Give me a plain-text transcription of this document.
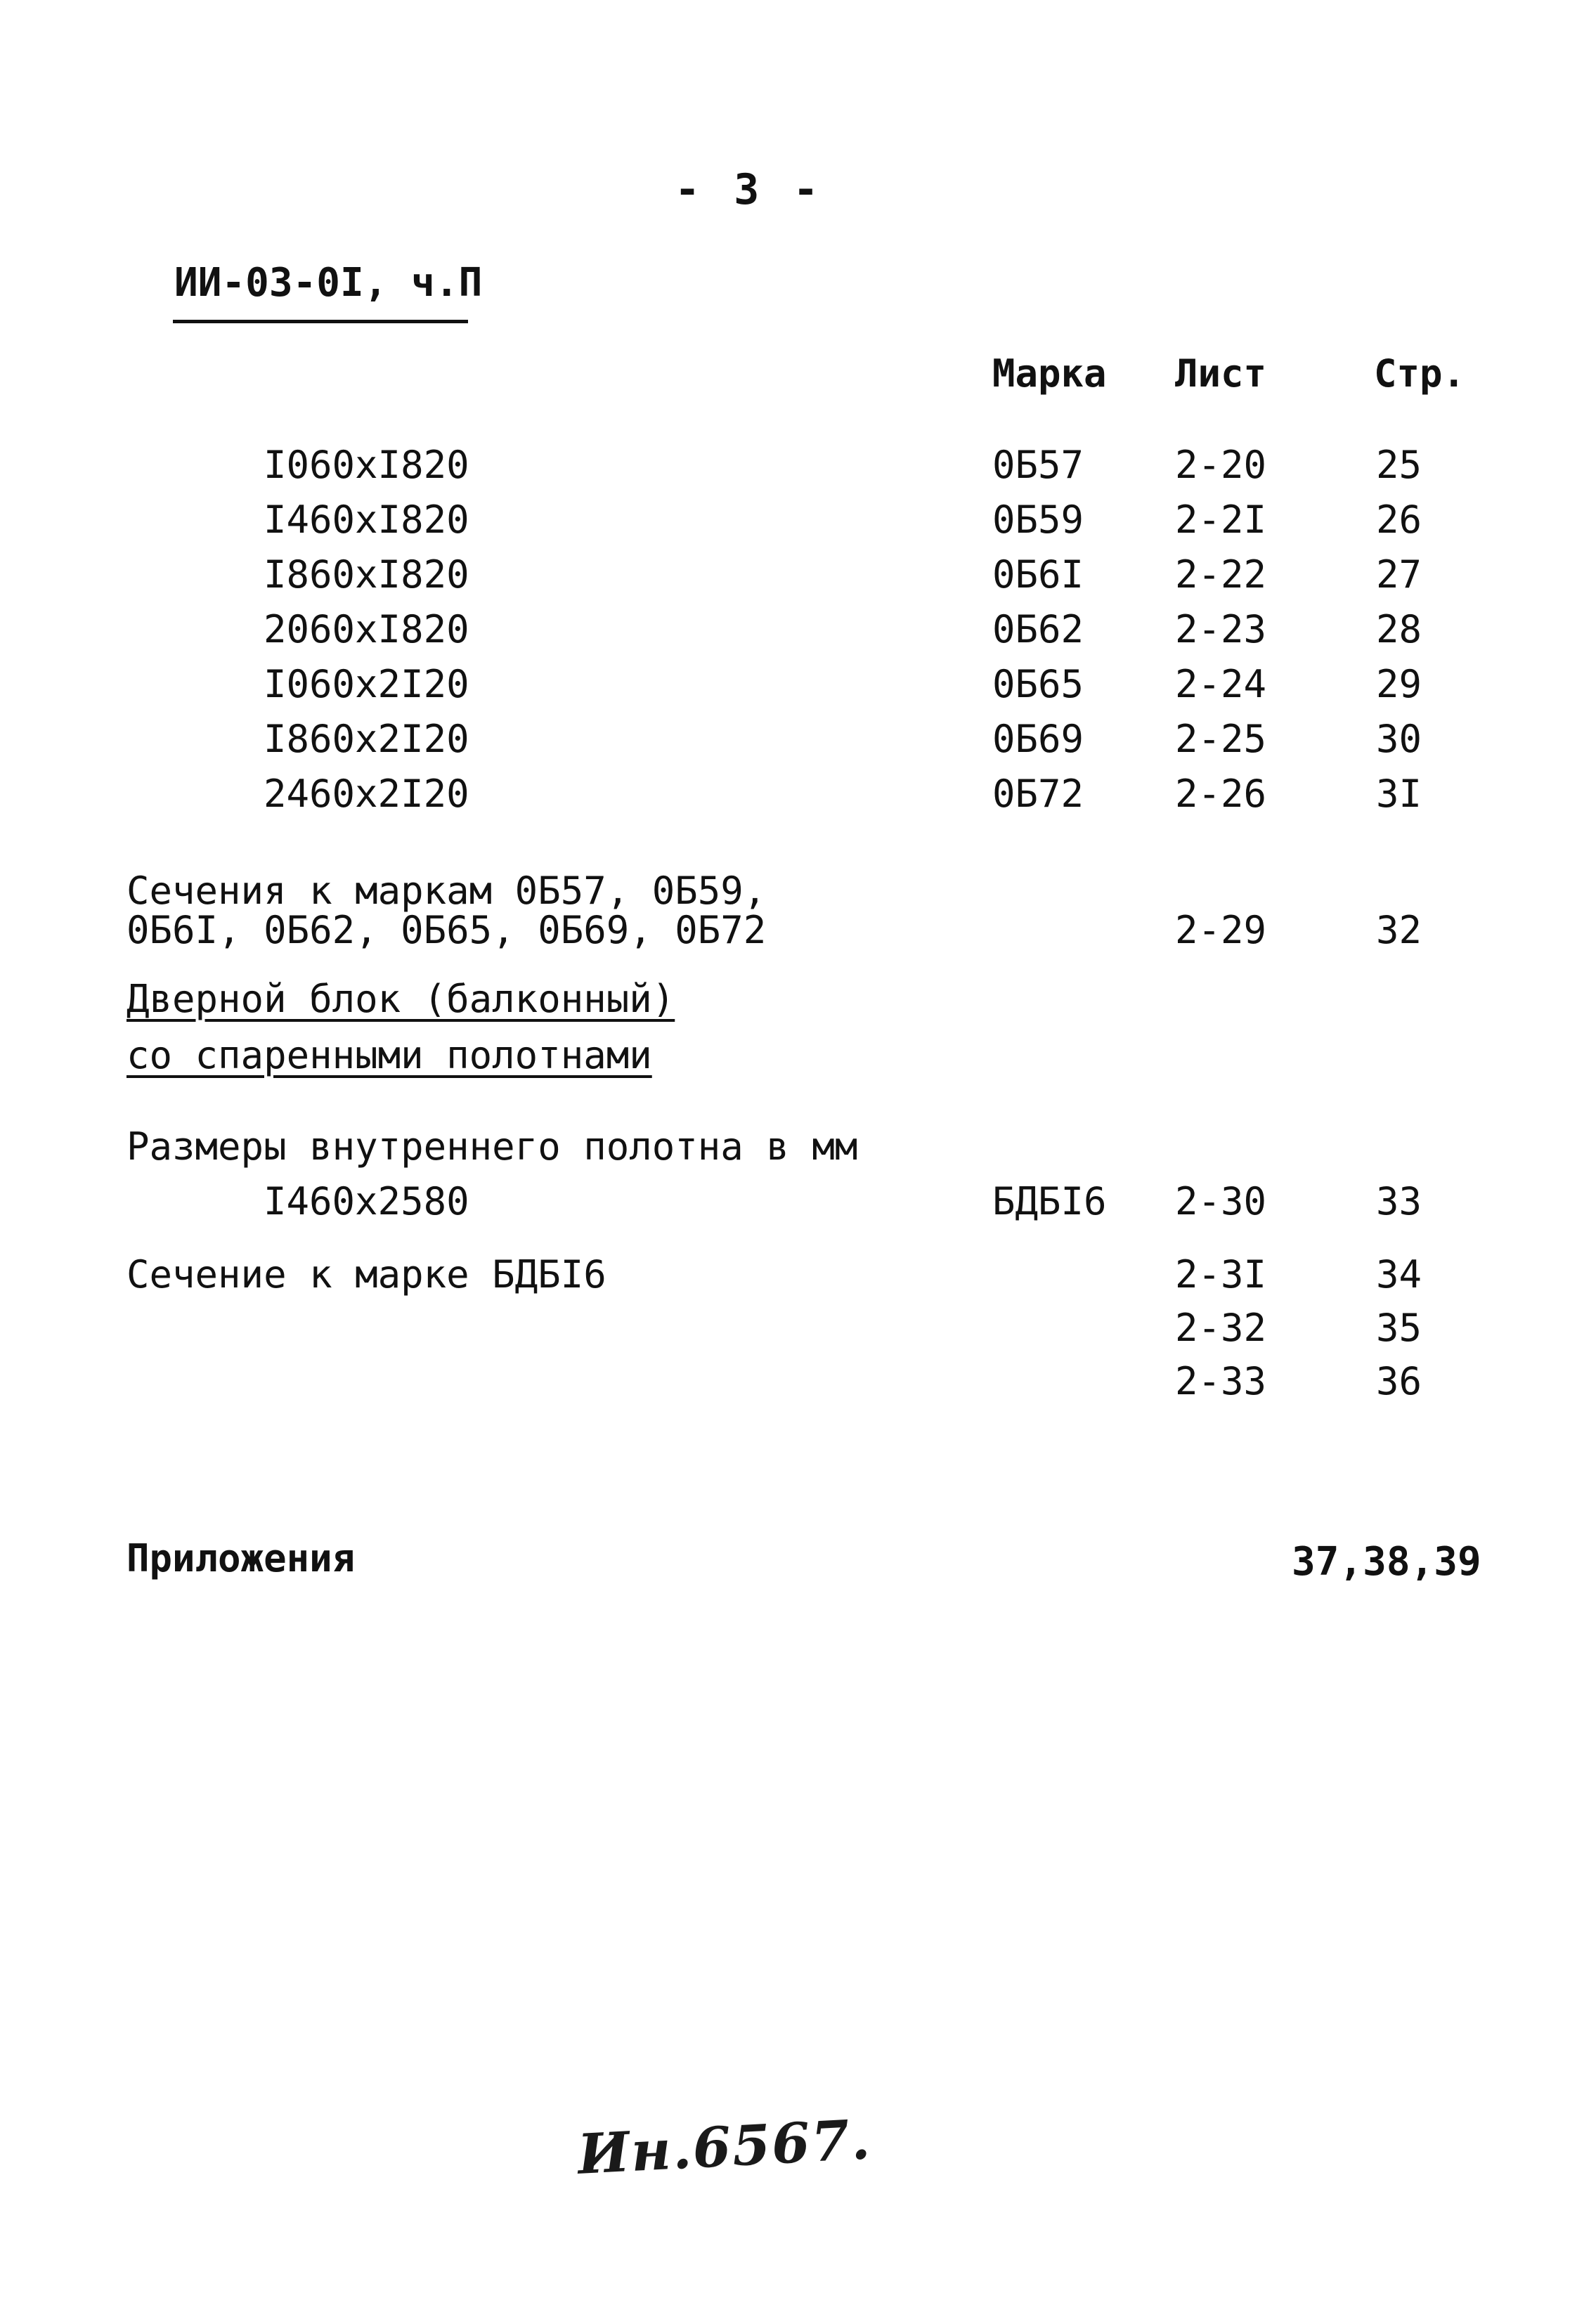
- 3 -
ИИ-03-0I, ч.П
Марка Лист	Стр.
I060xI820	0Б57 2-20	25
I460xI820	0Б59 2-2I	26
I860xI820	0Б6I 2-22	27
2060xI820	0Б62 2-23	28
I060x2I20	0Б65 2-24	29
I860x2I20	0Б69 2-25	30
2460x2I20	0Б72 2-26	3I
Сечения к маркам 0Б57, 0Б59,
0Б6I, 0Б62, 0Б65, 0Б69, 0Б72	2-29	32
Дверной блок (балконный)
со спаренными полотнами
Размеры внутреннего полотна в мм
I460x2580	БДБI6 2-30	33
Сечение к марке БДБI6	2-3I	34
2-32	35
2-33	36
Приложения	37,38,39
Ин.6567.
